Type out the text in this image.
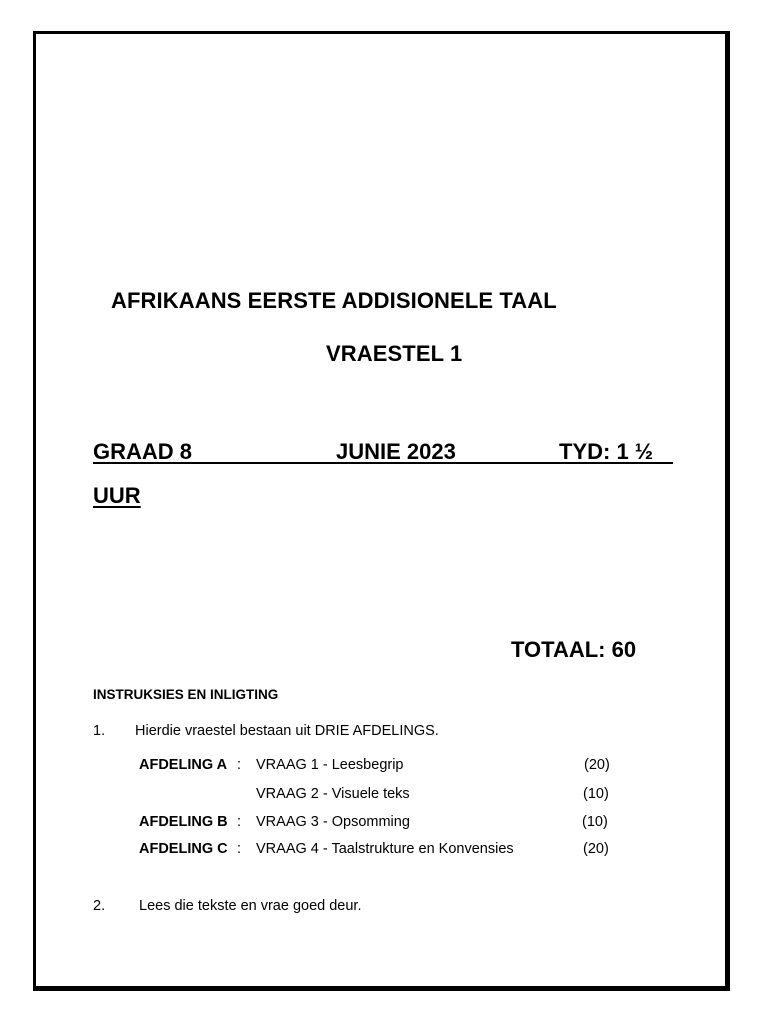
AFRIKAANS EERSTE ADDISIONELE TAAL
VRAESTEL 1
GRAAD 8	JUNIE 2023	TYD: 1 ½
UUR
TOTAAL: 60
INSTRUKSIES EN INLIGTING
1. Hierdie vraestel bestaan uit DRIE AFDELINGS.
AFDELING A : VRAAG 1 - Leesbegrip	(20)
VRAAG 2 - Visuele teks	(10)
AFDELING B : VRAAG 3 - Opsomming	(10)
AFDELING C : VRAAG 4 - Taalstrukture en Konvensies	(20)
2. Lees die tekste en vrae goed deur.
